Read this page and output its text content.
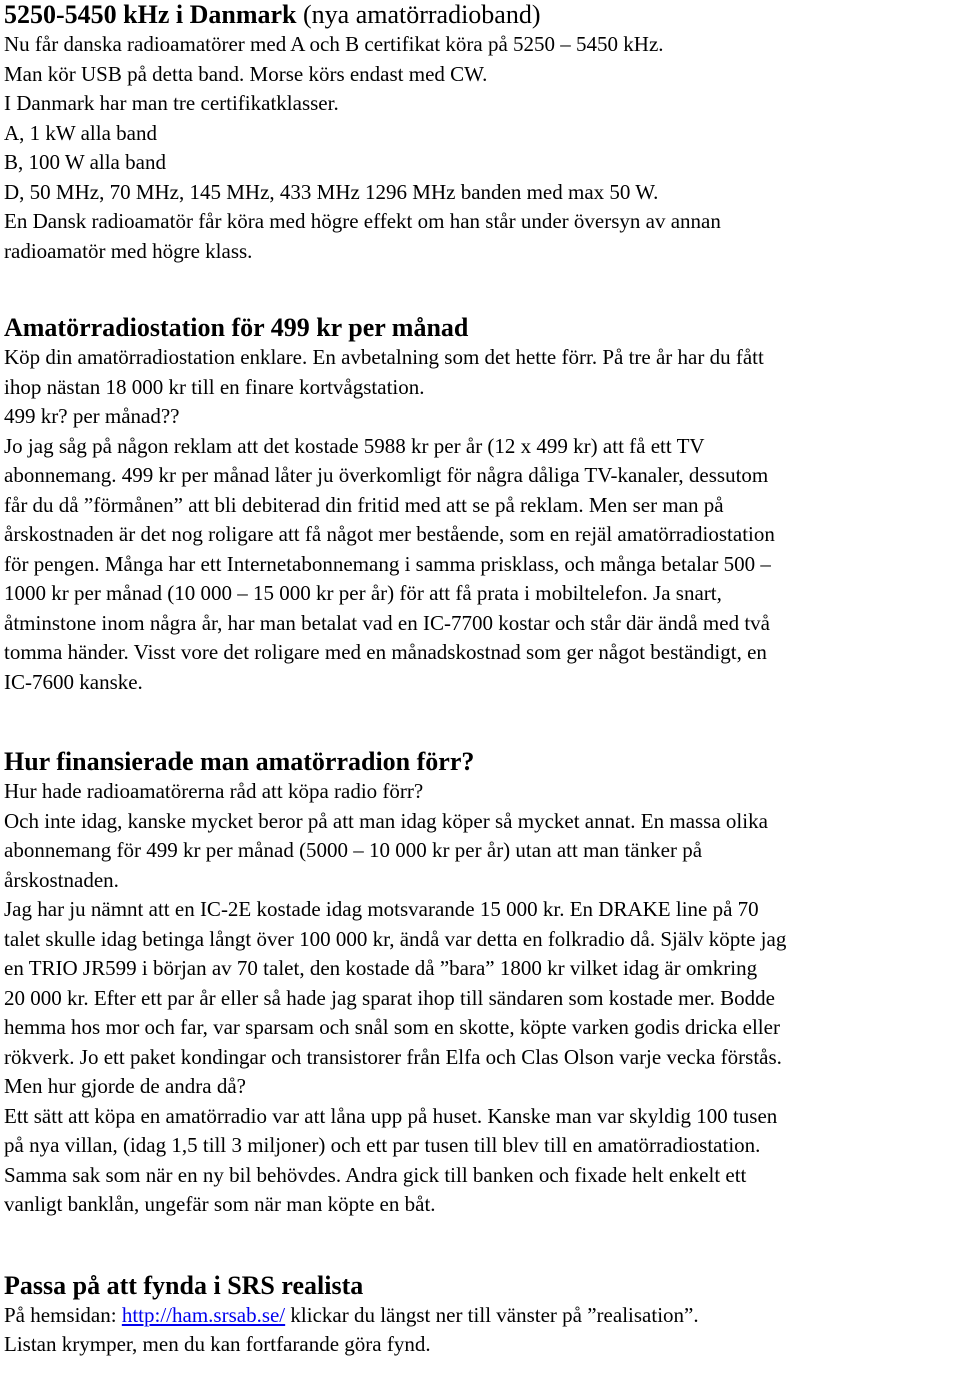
5250-5450 kHz i Danmark (nya amatörradioband)

Nu får danska radioamatörer med A och B certifikat köra på 5250 – 5450 kHz.

Man kör USB på detta band. Morse körs endast med CW.

I Danmark har man tre certifikatklasser.

A, 1 kW alla band

B, 100 W alla band

D, 50 MHz, 70 MHz, 145 MHz, 433 MHz 1296 MHz banden med max 50 W.

En Dansk radioamatör får köra med högre effekt om han står under översyn av annan

radioamatör med högre klass.

Amatörradiostation för 499 kr per månad

Köp din amatörradiostation enklare. En avbetalning som det hette förr. På tre år har du fått

ihop nästan 18 000 kr till en finare kortvågstation.

499 kr? per månad??

Jo jag såg på någon reklam att det kostade 5988 kr per år (12 x 499 kr) att få ett TV

abonnemang. 499 kr per månad låter ju överkomligt för några dåliga TV-kanaler, dessutom

får du då ”förmånen” att bli debiterad din fritid med att se på reklam. Men ser man på

årskostnaden är det nog roligare att få något mer bestående, som en rejäl amatörradiostation

för pengen. Många har ett Internetabonnemang i samma prisklass, och många betalar 500 –

1000 kr per månad (10 000 – 15 000 kr per år) för att få prata i mobiltelefon. Ja snart,

åtminstone inom några år, har man betalat vad en IC-7700 kostar och står där ändå med två

tomma händer. Visst vore det roligare med en månadskostnad som ger något beständigt, en

IC-7600 kanske.

Hur finansierade man amatörradion förr?

Hur hade radioamatörerna råd att köpa radio förr?

Och inte idag, kanske mycket beror på att man idag köper så mycket annat. En massa olika

abonnemang för 499 kr per månad (5000 – 10 000 kr per år) utan att man tänker på

årskostnaden.

Jag har ju nämnt att en IC-2E kostade idag motsvarande 15 000 kr. En DRAKE line på 70

talet skulle idag betinga långt över 100 000 kr, ändå var detta en folkradio då. Själv köpte jag

en TRIO JR599 i början av 70 talet, den kostade då ”bara” 1800 kr vilket idag är omkring

20 000 kr. Efter ett par år eller så hade jag sparat ihop till sändaren som kostade mer. Bodde

hemma hos mor och far, var sparsam och snål som en skotte, köpte varken godis dricka eller

rökverk. Jo ett paket kondingar och transistorer från Elfa och Clas Olson varje vecka förstås.

Men hur gjorde de andra då?

Ett sätt att köpa en amatörradio var att låna upp på huset. Kanske man var skyldig 100 tusen

på nya villan, (idag 1,5 till 3 miljoner) och ett par tusen till blev till en amatörradiostation.

Samma sak som när en ny bil behövdes. Andra gick till banken och fixade helt enkelt ett

vanligt banklån, ungefär som när man köpte en båt.

Passa på att fynda i SRS realista

På hemsidan: http://ham.srsab.se/ klickar du längst ner till vänster på ”realisation”.

Listan krymper, men du kan fortfarande göra fynd.
